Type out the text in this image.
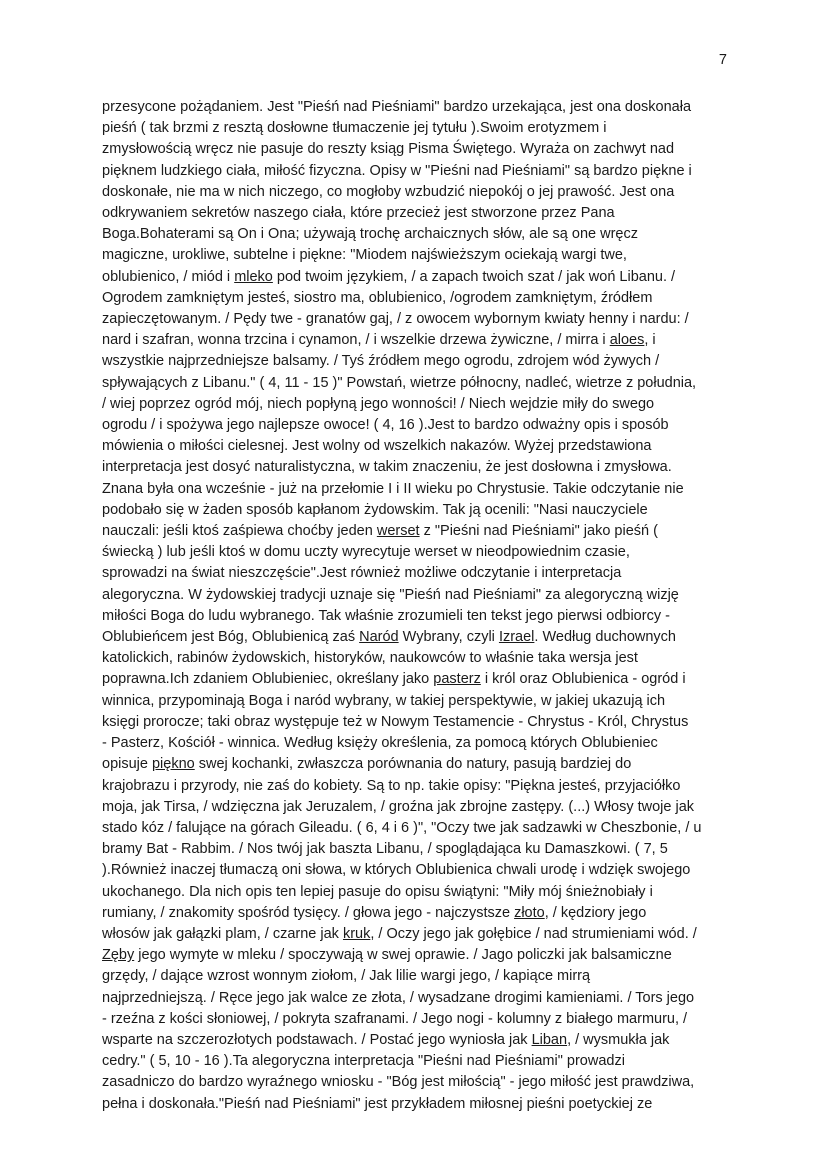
7
przesycone pożądaniem. Jest "Pieśń nad Pieśniami" bardzo urzekająca, jest ona doskonała
pieśń ( tak brzmi z resztą dosłowne tłumaczenie jej tytułu ).Swoim erotyzmem i
zmysłowością wręcz nie pasuje do reszty ksiąg Pisma Świętego. Wyraża on zachwyt nad
pięknem ludzkiego ciała, miłość fizyczna. Opisy w "Pieśni nad Pieśniami" są bardzo piękne i
doskonałe, nie ma w nich niczego, co mogłoby wzbudzić niepokój o jej prawość. Jest ona
odkrywaniem sekretów naszego ciała, które przecież jest stworzone przez Pana
Boga.Bohaterami są On i Ona; używają trochę archaicznych słów, ale są one wręcz
magiczne, urokliwe, subtelne i piękne: "Miodem najświeższym ociekają wargi twe,
oblubienico, / miód i mleko pod twoim językiem, / a zapach twoich szat / jak woń Libanu. /
Ogrodem zamkniętym jesteś, siostro ma, oblubienico, /ogrodem zamkniętym, źródłem
zapieczętowanym. / Pędy twe - granatów gaj, / z owocem wybornym kwiaty henny i nardu: /
nard i szafran, wonna trzcina i cynamon, / i wszelkie drzewa żywiczne, / mirra i aloes, i
wszystkie najprzedniejsze balsamy. / Tyś źródłem mego ogrodu, zdrojem wód żywych /
spływających z Libanu." ( 4, 11 - 15 )" Powstań, wietrze północny, nadleć, wietrze z południa,
/ wiej poprzez ogród mój, niech popłyną jego wonności! / Niech wejdzie miły do swego
ogrodu / i spożywa jego najlepsze owoce! ( 4, 16 ).Jest to bardzo odważny opis i sposób
mówienia o miłości cielesnej. Jest wolny od wszelkich nakazów. Wyżej przedstawiona
interpretacja jest dosyć naturalistyczna, w takim znaczeniu, że jest dosłowna i zmysłowa.
Znana była ona wcześnie - już na przełomie I i II wieku po Chrystusie. Takie odczytanie nie
podobało się w żaden sposób kapłanom żydowskim. Tak ją ocenili: "Nasi nauczyciele
nauczali: jeśli ktoś zaśpiewa choćby jeden werset z "Pieśni nad Pieśniami" jako pieśń (
świecką ) lub jeśli ktoś w domu uczty wyrecytuje werset w nieodpowiednim czasie,
sprowadzi na świat nieszczęście".Jest również możliwe odczytanie i interpretacja
alegoryczna. W żydowskiej tradycji uznaje się "Pieśń nad Pieśniami" za alegoryczną wizję
miłości Boga do ludu wybranego. Tak właśnie zrozumieli ten tekst jego pierwsi odbiorcy -
Oblubieńcem jest Bóg, Oblubienicą zaś Naród Wybrany, czyli Izrael. Według duchownych
katolickich, rabinów żydowskich, historyków, naukowców to właśnie taka wersja jest
poprawna.Ich zdaniem Oblubieniec, określany jako pasterz i król oraz Oblubienica - ogród i
winnica, przypominają Boga i naród wybrany, w takiej perspektywie, w jakiej ukazują ich
księgi prorocze; taki obraz występuje też w Nowym Testamencie - Chrystus - Król, Chrystus
- Pasterz, Kościół - winnica. Według księży określenia, za pomocą których Oblubieniec
opisuje piękno swej kochanki, zwłaszcza porównania do natury, pasują bardziej do
krajobrazu i przyrody, nie zaś do kobiety. Są to np. takie opisy: "Piękna jesteś, przyjaciółko
moja, jak Tirsa, / wdzięczna jak Jeruzalem, / groźna jak zbrojne zastępy. (...) Włosy twoje jak
stado kóz / falujące na górach Gileadu. ( 6, 4 i 6 )", "Oczy twe jak sadzawki w Cheszbonie, / u
bramy Bat - Rabbim. / Nos twój jak baszta Libanu, / spoglądająca ku Damaszkowi. ( 7, 5
).Również inaczej tłumaczą oni słowa, w których Oblubienica chwali urodę i wdzięk swojego
ukochanego. Dla nich opis ten lepiej pasuje do opisu świątyni: "Miły mój śnieżnobiały i
rumiany, / znakomity spośród tysięcy. / głowa jego - najczystsze złoto, / kędziory jego
włosów jak gałązki plam, / czarne jak kruk, / Oczy jego jak gołębice / nad strumieniami wód. /
Zęby jego wymyte w mleku / spoczywają w swej oprawie. / Jago policzki jak balsamiczne
grzędy, / dające wzrost wonnym ziołom, / Jak lilie wargi jego, / kapiące mirrą
najprzedniejszą. / Ręce jego jak walce ze złota, / wysadzane drogimi kamieniami. / Tors jego
- rzeźna z kości słoniowej, / pokryta szafranami. / Jego nogi - kolumny z białego marmuru, /
wsparte na szczerozłotych podstawach. / Postać jego wyniosła jak Liban, / wysmukła jak
cedry." ( 5, 10 - 16 ).Ta alegoryczna interpretacja "Pieśni nad Pieśniami" prowadzi
zasadniczo do bardzo wyraźnego wniosku - "Bóg jest miłością" - jego miłość jest prawdziwa,
pełna i doskonała."Pieśń nad Pieśniami" jest przykładem miłosnej pieśni poetyckiej ze
